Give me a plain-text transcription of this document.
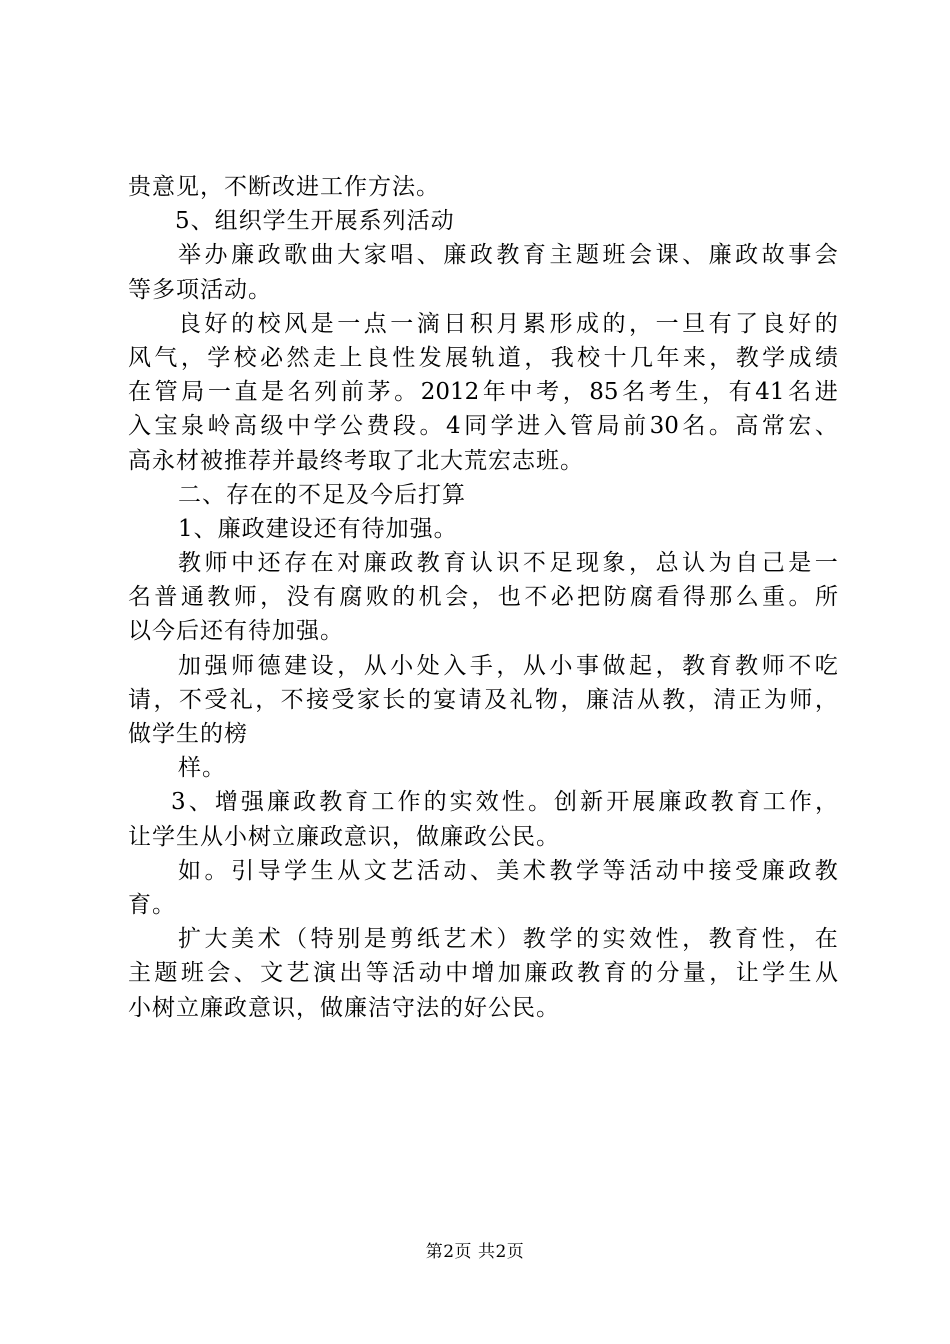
贵意见，不断改进工作方法。
5、组织学生开展系列活动
举 办 廉 政 歌 曲 大 家 唱 、 廉 政 教 育 主 题 班 会 课 、 廉 政 故 事 会
等多项活动。
良 好 的 校 风 是 一 点 一 滴 日 积 月 累 形 成 的 ， 一 旦 有 了 良 好 的
风 气 ， 学 校 必 然 走 上 良 性 发 展 轨 道 ， 我 校 十 几 年 来 ， 教 学 成 绩
在 管 局 一 直 是 名 列 前 茅 。 2012 年 中 考 ， 85 名 考 生 ， 有 41 名 进
入 宝 泉 岭 高 级 中 学 公 费 段 。 4 同 学 进 入 管 局 前 30 名 。 高 常 宏 、
高永材被推荐并最终考取了北大荒宏志班。
二、存在的不足及今后打算
1、廉政建设还有待加强。
教 师 中 还 存 在 对 廉 政 教 育 认 识 不 足 现 象 ， 总 认 为 自 己 是 一
名 普 通 教 师 ， 没 有 腐 败 的 机 会 ， 也 不 必 把 防 腐 看 得 那 么 重 。 所
以今后还有待加强。
加 强 师 德 建 设 ， 从 小 处 入 手 ， 从 小 事 做 起 ， 教 育 教 师 不 吃
请 ， 不 受 礼 ， 不 接 受 家 长 的 宴 请 及 礼 物 ， 廉 洁 从 教 ， 清 正 为 师 ，
做学生的榜
样。
3 、 增 强 廉 政 教 育 工 作 的 实 效 性 。 创 新 开 展 廉 政 教 育 工 作 ，
让学生从小树立廉政意识，做廉政公民。
如 。 引 导 学 生 从 文 艺 活 动 、 美 术 教 学 等 活 动 中 接 受 廉 政 教
育。
扩 大 美 术 （ 特 别 是 剪 纸 艺 术 ） 教 学 的 实 效 性 ， 教 育 性 ， 在
主 题 班 会 、 文 艺 演 出 等 活 动 中 增 加 廉 政 教 育 的 分 量 ， 让 学 生 从
小树立廉政意识，做廉洁守法的好公民。
第2页 共2页
